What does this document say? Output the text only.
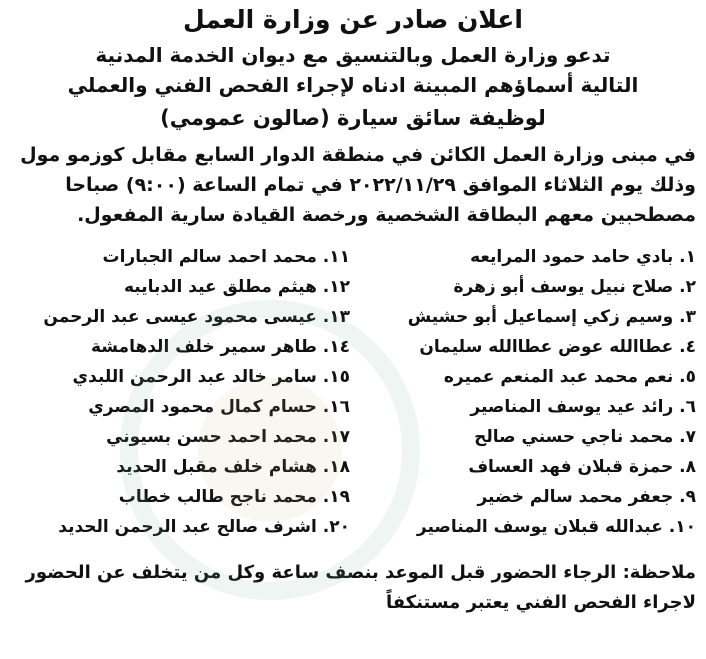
اعلان صادر عن وزارة العمل
تدعو وزارة العمل وبالتنسيق مع ديوان الخدمة المدنية
التالية أسماؤهم المبينة ادناه لإجراء الفحص الفني والعملي
لوظيفة سائق سيارة (صالون عمومي)
في مبنى وزارة العمل الكائن في منطقة الدوار السابع مقابل كوزمو مول
وذلك يوم الثلاثاء الموافق ٢٠٢٢/١١/٢٩ في تمام الساعة (٩:٠٠) صباحا
مصطحبين معهم البطاقة الشخصية ورخصة القيادة سارية المفعول.
١. بادي حامد حمود المرايعه
٢. صلاح نبيل يوسف أبو زهرة
٣. وسيم زكي إسماعيل أبو حشيش
٤. عطاالله عوض عطاالله سليمان
٥. نعم محمد عبد المنعم عميره
٦. رائد عيد يوسف المناصير
٧. محمد ناجي حسني صالح
٨. حمزة قبلان فهد العساف
٩. جعفر محمد سالم خضير
١٠. عبدالله قبلان يوسف المناصير
١١. محمد احمد سالم الجبارات
١٢. هيثم مطلق عيد الدبايبه
١٣. عيسى محمود عيسى عبد الرحمن
١٤. طاهر سمير خلف الدهامشة
١٥. سامر خالد عبد الرحمن اللبدي
١٦. حسام كمال محمود المصري
١٧. محمد احمد حسن بسيوني
١٨. هشام خلف مقبل الحديد
١٩. محمد ناجح طالب خطاب
٢٠. اشرف صالح عبد الرحمن الحديد
ملاحظة: الرجاء الحضور قبل الموعد بنصف ساعة وكل من يتخلف عن الحضور
لاجراء الفحص الفني يعتبر مستنكفاً
